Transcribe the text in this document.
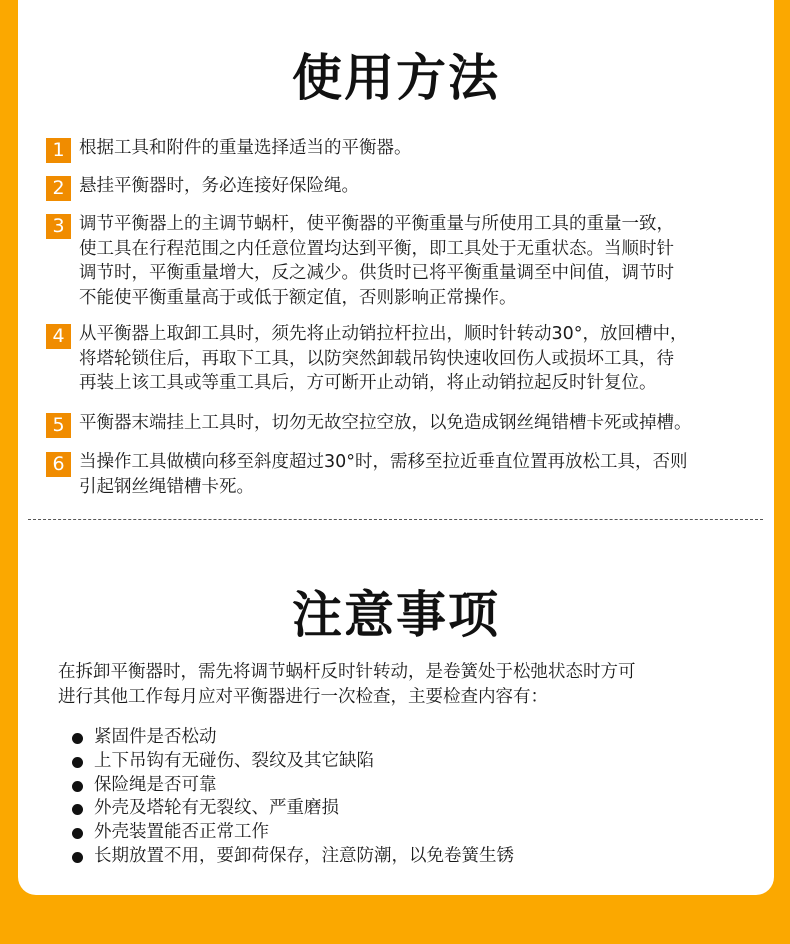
使用方法
1 根据工具和附件的重量选择适当的平衡器。
2 悬挂平衡器时，务必连接好保险绳。
3 调节平衡器上的主调节蜗杆，使平衡器的平衡重量与所使用工具的重量一致，
使工具在行程范围之内任意位置均达到平衡，即工具处于无重状态。当顺时针
调节时，平衡重量增大，反之减少。供货时已将平衡重量调至中间值，调节时
不能使平衡重量高于或低于额定值，否则影响正常操作。
4 从平衡器上取卸工具时，须先将止动销拉杆拉出，顺时针转动30°，放回槽中，
将塔轮锁住后，再取下工具，以防突然卸载吊钩快速收回伤人或损坏工具，待
再装上该工具或等重工具后，方可断开止动销，将止动销拉起反时针复位。
5 平衡器末端挂上工具时，切勿无故空拉空放，以免造成钢丝绳错槽卡死或掉槽。
6 当操作工具做横向移至斜度超过30°时，需移至拉近垂直位置再放松工具，否则
引起钢丝绳错槽卡死。
注意事项
在拆卸平衡器时，需先将调节蜗杆反时针转动，是卷簧处于松弛状态时方可
进行其他工作每月应对平衡器进行一次检查，主要检查内容有：
紧固件是否松动
上下吊钩有无碰伤、裂纹及其它缺陷
保险绳是否可靠
外壳及塔轮有无裂纹、严重磨损
外壳装置能否正常工作
长期放置不用，要卸荷保存，注意防潮，以免卷簧生锈
